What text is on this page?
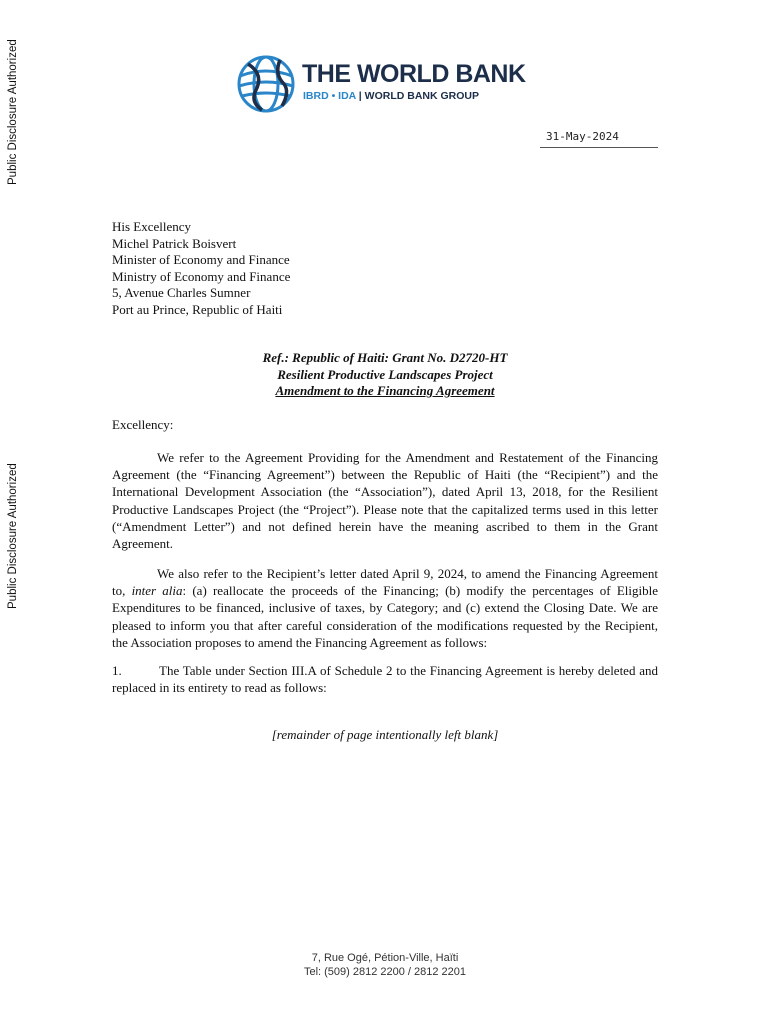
Public Disclosure Authorized
Public Disclosure Authorized
THE WORLD BANK
IBRD • IDA | WORLD BANK GROUP
31-May-2024
His Excellency
Michel Patrick Boisvert
Minister of Economy and Finance
Ministry of Economy and Finance
5, Avenue Charles Sumner
Port au Prince, Republic of Haiti
Ref.: Republic of Haiti: Grant No. D2720-HT
Resilient Productive Landscapes Project
Amendment to the Financing Agreement
Excellency:

We refer to the Agreement Providing for the Amendment and Restatement of the Financing Agreement (the “Financing Agreement”) between the Republic of Haiti (the “Recipient”) and the International Development Association (the “Association”), dated April 13, 2018, for the Resilient Productive Landscapes Project (the “Project”). Please note that the capitalized terms used in this letter (“Amendment Letter”) and not defined herein have the meaning ascribed to them in the Grant Agreement.

We also refer to the Recipient’s letter dated April 9, 2024, to amend the Financing Agreement to, inter alia: (a) reallocate the proceeds of the Financing; (b) modify the percentages of Eligible Expenditures to be financed, inclusive of taxes, by Category; and (c) extend the Closing Date. We are pleased to inform you that after careful consideration of the modifications requested by the Recipient, the Association proposes to amend the Financing Agreement as follows:

1.	The Table under Section III.A of Schedule 2 to the Financing Agreement is hereby deleted and replaced in its entirety to read as follows:

[remainder of page intentionally left blank]
7, Rue Ogé, Pétion-Ville, Haïti
Tel: (509) 2812 2200 / 2812 2201
